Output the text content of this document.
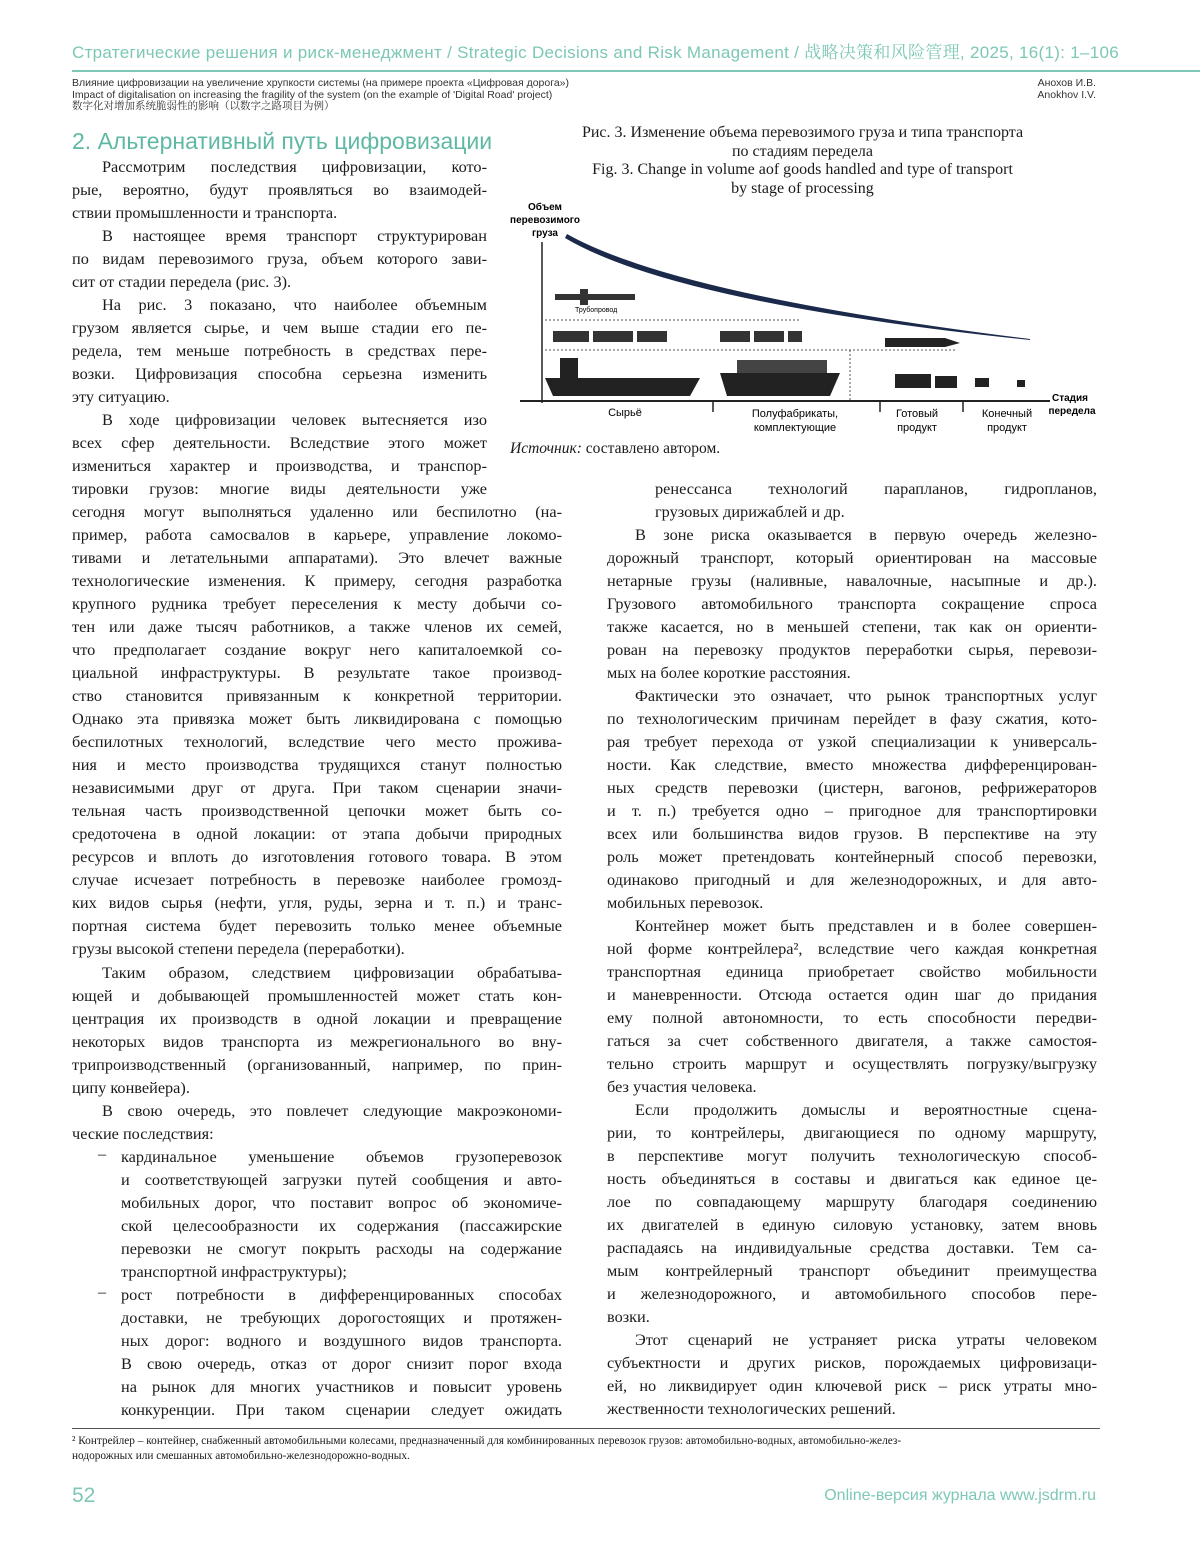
Стратегические решения и риск-менеджмент / Strategic Decisions and Risk Management / 战略决策和风险管理, 2025, 16(1): 1–106
Влияние цифровизации на увеличение хрупкости системы (на примере проекта «Цифровая дорога»)
Impact of digitalisation on increasing the fragility of the system (on the example of 'Digital Road' project)
数字化对增加系统脆弱性的影响（以数字之路项目为例）
Анохов И.В.
Anokhov I.V.
2. Альтернативный путь цифровизации
Рассмотрим последствия цифровизации, кото-
рые, вероятно, будут проявляться во взаимодей-
ствии промышленности и транспорта.
В настоящее время транспорт структурирован
по видам перевозимого груза, объем которого зави-
сит от стадии передела (рис. 3).
На рис. 3 показано, что наиболее объемным
грузом является сырье, и чем выше стадии его пе-
редела, тем меньше потребность в средствах пере-
возки. Цифровизация способна серьезна изменить
эту ситуацию.
В ходе цифровизации человек вытесняется изо
всех сфер деятельности. Вследствие этого может
измениться характер и производства, и транспор-
тировки грузов: многие виды деятельности уже
сегодня могут выполняться удаленно или беспилотно (на-
пример, работа самосвалов в карьере, управление локомо-
тивами и летательными аппаратами). Это влечет важные
технологические изменения. К примеру, сегодня разработка
крупного рудника требует переселения к месту добычи со-
тен или даже тысяч работников, а также членов их семей,
что предполагает создание вокруг него капиталоемкой со-
циальной инфраструктуры. В результате такое производ-
ство становится привязанным к конкретной территории.
Однако эта привязка может быть ликвидирована с помощью
беспилотных технологий, вследствие чего место прожива-
ния и место производства трудящихся станут полностью
независимыми друг от друга. При таком сценарии значи-
тельная часть производственной цепочки может быть со-
средоточена в одной локации: от этапа добычи природных
ресурсов и вплоть до изготовления готового товара. В этом
случае исчезает потребность в перевозке наиболее громозд-
ких видов сырья (нефти, угля, руды, зерна и т. п.) и транс-
портная система будет перевозить только менее объемные
грузы высокой степени передела (переработки).
Таким образом, следствием цифровизации обрабатыва-
ющей и добывающей промышленностей может стать кон-
центрация их производств в одной локации и превращение
некоторых видов транспорта из межрегионального во вну-
трипроизводственный (организованный, например, по прин-
ципу конвейера).
В свою очередь, это повлечет следующие макроэкономи-
ческие последствия:
– кардинальное уменьшение объемов грузоперевозок
и соответствующей загрузки путей сообщения и авто-
мобильных дорог, что поставит вопрос об экономиче-
ской целесообразности их содержания (пассажирские
перевозки не смогут покрыть расходы на содержание
транспортной инфраструктуры);
– рост потребности в дифференцированных способах
доставки, не требующих дорогостоящих и протяжен-
ных дорог: водного и воздушного видов транспорта.
В свою очередь, отказ от дорог снизит порог входа
на рынок для многих участников и повысит уровень
конкуренции. При таком сценарии следует ожидать
Рис. 3. Изменение объема перевозимого груза и типа транспорта
по стадиям передела
Fig. 3. Change in volume aof goods handled and type of transport
by stage of processing
Объем
перевозимого
груза
Стадия
передела
Трубопровод
Сырьё	Полуфабрикаты,
комплектующие
Готовый
продукт
Конечный
продукт
Источник: составлено автором.
ренессанса технологий парапланов, гидропланов,
грузовых дирижаблей и др.
В зоне риска оказывается в первую очередь железно-
дорожный транспорт, который ориентирован на массовые
нетарные грузы (наливные, навалочные, насыпные и др.).
Грузового автомобильного транспорта сокращение спроса
также касается, но в меньшей степени, так как он ориенти-
рован на перевозку продуктов переработки сырья, перевози-
мых на более короткие расстояния.
Фактически это означает, что рынок транспортных услуг
по технологическим причинам перейдет в фазу сжатия, кото-
рая требует перехода от узкой специализации к универсаль-
ности. Как следствие, вместо множества дифференцирован-
ных средств перевозки (цистерн, вагонов, рефрижераторов
и т. п.) требуется одно – пригодное для транспортировки
всех или большинства видов грузов. В перспективе на эту
роль может претендовать контейнерный способ перевозки,
одинаково пригодный и для железнодорожных, и для авто-
мобильных перевозок.
Контейнер может быть представлен и в более совершен-
ной форме контрейлера², вследствие чего каждая конкретная
транспортная единица приобретает свойство мобильности
и маневренности. Отсюда остается один шаг до придания
ему полной автономности, то есть способности передви-
гаться за счет собственного двигателя, а также самостоя-
тельно строить маршрут и осуществлять погрузку/выгрузку
без участия человека.
Если продолжить домыслы и вероятностные сцена-
рии, то контрейлеры, двигающиеся по одному маршруту,
в перспективе могут получить технологическую способ-
ность объединяться в составы и двигаться как единое це-
лое по совпадающему маршруту благодаря соединению
их двигателей в единую силовую установку, затем вновь
распадаясь на индивидуальные средства доставки. Тем са-
мым контрейлерный транспорт объединит преимущества
и железнодорожного, и автомобильного способов пере-
возки.
Этот сценарий не устраняет риска утраты человеком
субъектности и других рисков, порождаемых цифровизаци-
ей, но ликвидирует один ключевой риск – риск утраты мно-
жественности технологических решений.
² Контрейлер – контейнер, снабженный автомобильными колесами, предназначенный для комбинированных перевозок грузов: автомобильно-водных, автомобильно-желез-
нодорожных или смешанных автомобильно-железнодорожно-водных.
52	Online-версия журнала www.jsdrm.ru
